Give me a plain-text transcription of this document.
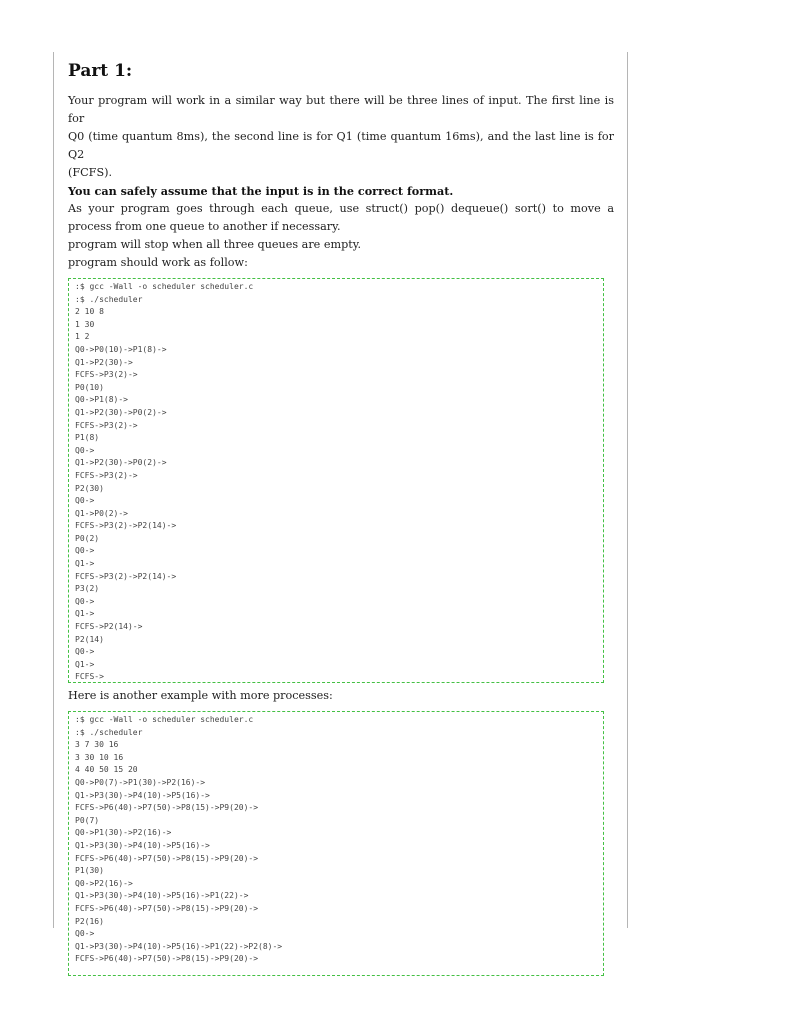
Part 1:

Your program will work in a similar way but there will be three lines of input. The first line is for

Q0 (time quantum 8ms), the second line is for Q1 (time quantum 16ms), and the last line is for Q2

(FCFS).

You can safely assume that the input is in the correct format.

As your program goes through each queue, use struct() pop() dequeue() sort() to move a

process from one queue to another if necessary.

program will stop when all three queues are empty.

program should work as follow:

:$ gcc -Wall -o scheduler scheduler.c
:$ ./scheduler
2 10 8
1 30
1 2
Q0->P0(10)->P1(8)->
Q1->P2(30)->
FCFS->P3(2)->
P0(10)
Q0->P1(8)->
Q1->P2(30)->P0(2)->
FCFS->P3(2)->
P1(8)
Q0->
Q1->P2(30)->P0(2)->
FCFS->P3(2)->
P2(30)
Q0->
Q1->P0(2)->
FCFS->P3(2)->P2(14)->
P0(2)
Q0->
Q1->
FCFS->P3(2)->P2(14)->
P3(2)
Q0->
Q1->
FCFS->P2(14)->
P2(14)
Q0->
Q1->
FCFS->

Here is another example with more processes:

:$ gcc -Wall -o scheduler scheduler.c
:$ ./scheduler
3 7 30 16
3 30 10 16
4 40 50 15 20
Q0->P0(7)->P1(30)->P2(16)->
Q1->P3(30)->P4(10)->P5(16)->
FCFS->P6(40)->P7(50)->P8(15)->P9(20)->
P0(7)
Q0->P1(30)->P2(16)->
Q1->P3(30)->P4(10)->P5(16)->
FCFS->P6(40)->P7(50)->P8(15)->P9(20)->
P1(30)
Q0->P2(16)->
Q1->P3(30)->P4(10)->P5(16)->P1(22)->
FCFS->P6(40)->P7(50)->P8(15)->P9(20)->
P2(16)
Q0->
Q1->P3(30)->P4(10)->P5(16)->P1(22)->P2(8)->
FCFS->P6(40)->P7(50)->P8(15)->P9(20)->
